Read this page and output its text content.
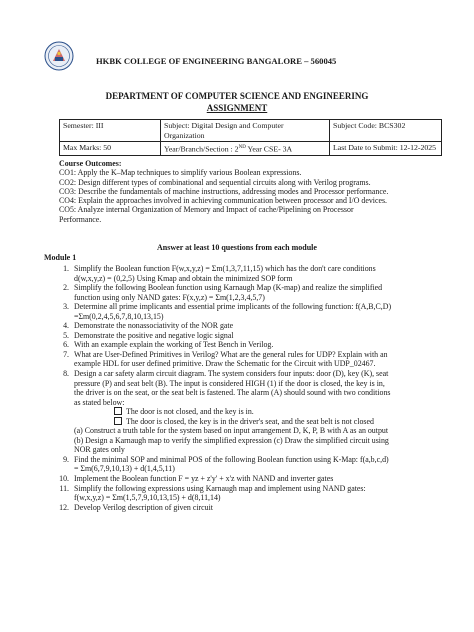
HKBK COLLEGE OF ENGINEERING BANGALORE – 560045
DEPARTMENT OF COMPUTER SCIENCE AND ENGINEERING
ASSIGNMENT
Semester: III	Subject: Digital Design and Computer Organization	Subject Code: BCS302
Max Marks: 50	Year/Branch/Section : 2ND Year CSE- 3A	Last Date to Submit: 12-12-2025
Course Outcomes:
CO1: Apply the K–Map techniques to simplify various Boolean expressions.
CO2: Design different types of combinational and sequential circuits along with Verilog programs.
CO3: Describe the fundamentals of machine instructions, addressing modes and Processor performance.
CO4: Explain the approaches involved in achieving communication between processor and I/O devices.
CO5: Analyze internal Organization of Memory and Impact of cache/Pipelining on Processor
Performance.
Answer at least 10 questions from each module
Module 1
1. Simplify the Boolean function F(w,x,y,z) = Σm(1,3,7,11,15) which has the don't care conditions
d(w,x,y,z) = (0,2,5) Using Kmap and obtain the minimized SOP form
2. Simplify the following Boolean function using Karnaugh Map (K-map) and realize the simplified
function using only NAND gates: F(x,y,z) = Σm(1,2,3,4,5,7)
3. Determine all prime implicants and essential prime implicants of the following function: f(A,B,C,D)
=Σm(0,2,4,5,6,7,8,10,13,15)
4. Demonstrate the nonassociativity of the NOR gate
5. Demonstrate the positive and negative logic signal
6. With an example explain the working of Test Bench in Verilog.
7. What are User-Defined Primitives in Verilog? What are the general rules for UDP? Explain with an
example HDL for user defined primitive. Draw the Schematic for the Circuit with UDP_02467.
8. Design a car safety alarm circuit diagram. The system considers four inputs: door (D), key (K), seat
pressure (P) and seat belt (B). The input is considered HIGH (1) if the door is closed, the key is in,
the driver is on the seat, or the seat belt is fastened. The alarm (A) should sound with two conditions
as stated below:
The door is not closed, and the key is in.
The door is closed, the key is in the driver's seat, and the seat belt is not closed
(a) Construct a truth table for the system based on input arrangement D, K, P, B with A as an output
(b) Design a Karnaugh map to verify the simplified expression (c) Draw the simplified circuit using
NOR gates only
9. Find the minimal SOP and minimal POS of the following Boolean function using K-Map: f(a,b,c,d)
= Σm(6,7,9,10,13) + d(1,4,5,11)
10. Implement the Boolean function F = yz + z'y' + x'z with NAND and inverter gates
11. Simplify the following expressions using Karnaugh map and implement using NAND gates:
f(w,x,y,z) = Σm(1,5,7,9,10,13,15) + d(8,11,14)
12. Develop Verilog description of given circuit
